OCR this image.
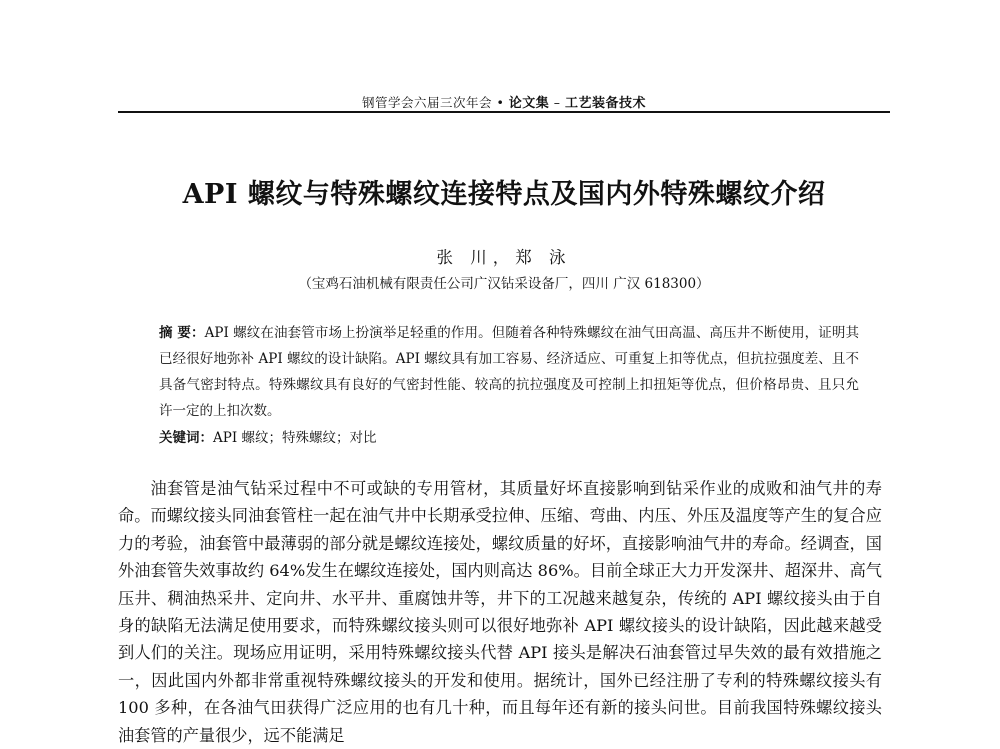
钢管学会六届三次年会 • 论文集 – 工艺装备技术
API 螺纹与特殊螺纹连接特点及国内外特殊螺纹介绍
张 川，郑 泳
（宝鸡石油机械有限责任公司广汉钻采设备厂，四川 广汉 618300）
摘 要：API 螺纹在油套管市场上扮演举足轻重的作用。但随着各种特殊螺纹在油气田高温、高压井不断使用，证明其已经很好地弥补 API 螺纹的设计缺陷。API 螺纹具有加工容易、经济适应、可重复上扣等优点，但抗拉强度差、且不具备气密封特点。特殊螺纹具有良好的气密封性能、较高的抗拉强度及可控制上扣扭矩等优点，但价格昂贵、且只允许一定的上扣次数。
关键词：API 螺纹；特殊螺纹；对比
油套管是油气钻采过程中不可或缺的专用管材，其质量好坏直接影响到钻采作业的成败和油气井的寿命。而螺纹接头同油套管柱一起在油气井中长期承受拉伸、压缩、弯曲、内压、外压及温度等产生的复合应力的考验，油套管中最薄弱的部分就是螺纹连接处，螺纹质量的好坏，直接影响油气井的寿命。经调查，国外油套管失效事故约 64%发生在螺纹连接处，国内则高达 86%。目前全球正大力开发深井、超深井、高气压井、稠油热采井、定向井、水平井、重腐蚀井等，井下的工况越来越复杂，传统的 API 螺纹接头由于自身的缺陷无法满足使用要求，而特殊螺纹接头则可以很好地弥补 API 螺纹接头的设计缺陷，因此越来越受到人们的关注。现场应用证明，采用特殊螺纹接头代替 API 接头是解决石油套管过早失效的最有效措施之一，因此国内外都非常重视特殊螺纹接头的开发和使用。据统计，国外已经注册了专利的特殊螺纹接头有 100 多种，在各油气田获得广泛应用的也有几十种，而且每年还有新的接头问世。目前我国特殊螺纹接头油套管的产量很少，远不能满足
